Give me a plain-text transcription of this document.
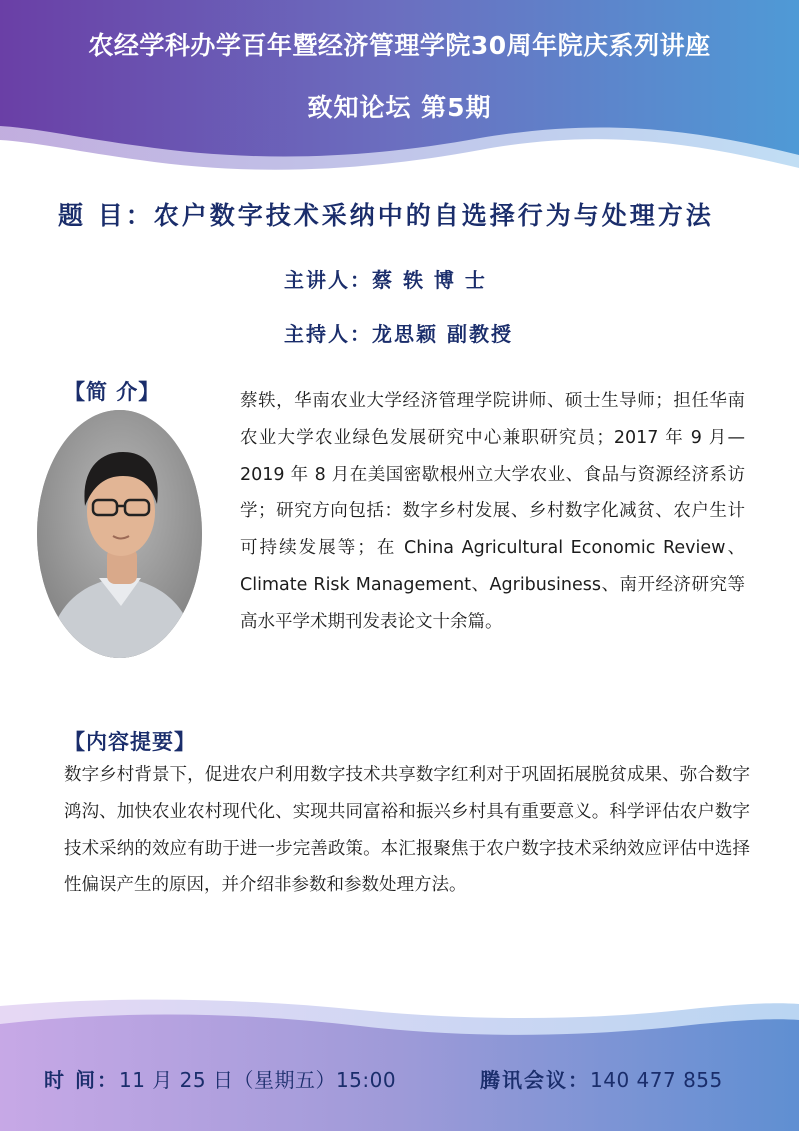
农经学科办学百年暨经济管理学院30周年院庆系列讲座
致知论坛 第5期
题 目：农户数字技术采纳中的自选择行为与处理方法
主讲人：蔡 轶 博 士
主持人：龙思颖 副教授
【简 介】	蔡轶，华南农业大学经济管理学院讲师、硕士生导师；担任华南农业大学农业绿色发展研究中心兼职研究员；2017 年 9 月—2019 年 8 月在美国密歇根州立大学农业、食品与资源经济系访学；研究方向包括：数字乡村发展、乡村数字化减贫、农户生计可持续发展等；在 China Agricultural Economic Review、Climate Risk Management、Agribusiness、南开经济研究等高水平学术期刊发表论文十余篇。
【内容提要】
数字乡村背景下，促进农户利用数字技术共享数字红利对于巩固拓展脱贫成果、弥合数字鸿沟、加快农业农村现代化、实现共同富裕和振兴乡村具有重要意义。科学评估农户数字技术采纳的效应有助于进一步完善政策。本汇报聚焦于农户数字技术采纳效应评估中选择性偏误产生的原因，并介绍非参数和参数处理方法。
时 间：11 月 25 日（星期五）15:00	腾讯会议：140 477 855
